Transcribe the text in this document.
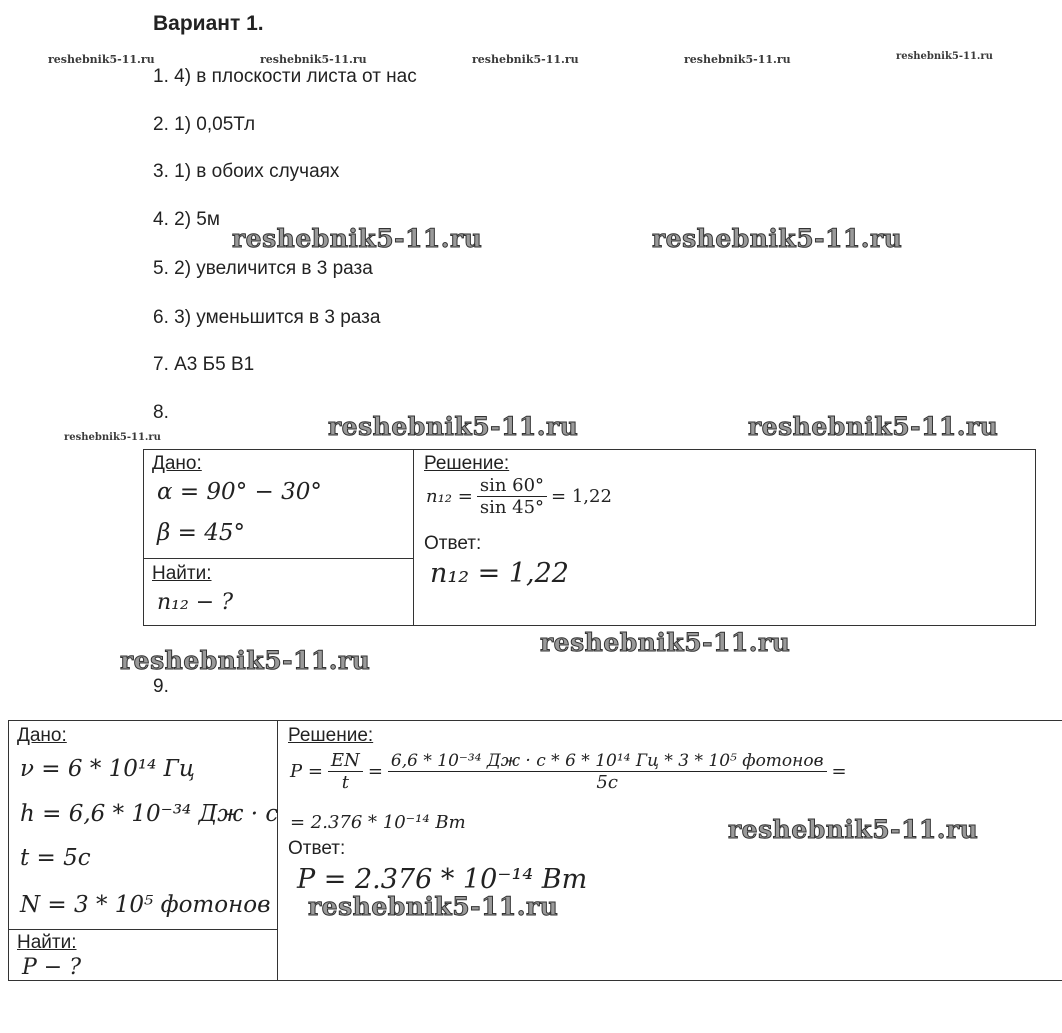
Вариант 1.
reshebnik5-11.ru	reshebnik5-11.ru	reshebnik5-11.ru	reshebnik5-11.ru	reshebnik5-11.ru
1. 4) в плоскости листа от нас
2. 1) 0,05Тл
3. 1) в обоих случаях
4. 2) 5м
5. 2) увеличится в 3 раза
6. 3) уменьшится в 3 раза
7. А3 Б5 В1
8.
reshebnik5-11.ru	reshebnik5-11.ru
reshebnik5-11.ru	reshebnik5-11.ru	reshebnik5-11.ru
Дано:
α = 90° − 30°
β = 45°
Найти:
n₁₂ − ?
Решение:
$n_{12} = \frac{\sin 60^\circ}{\sin 45^\circ} = 1,22$
Ответ:
n₁₂ = 1,22
reshebnik5-11.ru
reshebnik5-11.ru
9.
Дано:
ν = 6 * 10¹⁴ Гц
h = 6,6 * 10⁻³⁴ Дж · с
t = 5с
N = 3 * 10⁵ фотонов
Найти:
P − ?
Решение:
$P = \frac{EN}{t} = \frac{\text{6,6 * 10⁻³⁴ Дж · с * 6 * 10¹⁴ Гц * 3 * 10⁵ фотонов}}{5с}$ =
= 2.376 * 10⁻¹⁴ Вт
Ответ:
P = 2.376 * 10⁻¹⁴ Вт
reshebnik5-11.ru
reshebnik5-11.ru
